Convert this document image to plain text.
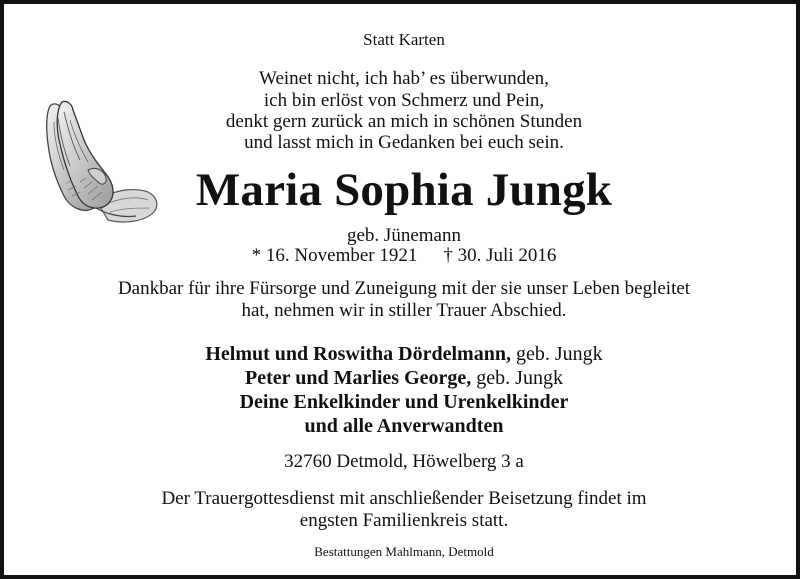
Statt Karten
Weinet nicht, ich hab’ es überwunden,
ich bin erlöst von Schmerz und Pein,
denkt gern zurück an mich in schönen Stunden
und lasst mich in Gedanken bei euch sein.
Maria Sophia Jungk
geb. Jünemann
* 16. November 1921 † 30. Juli 2016
Dankbar für ihre Fürsorge und Zuneigung mit der sie unser Leben begleitet
hat, nehmen wir in stiller Trauer Abschied.
Helmut und Roswitha Dördelmann, geb. Jungk
Peter und Marlies George, geb. Jungk
Deine Enkelkinder und Urenkelkinder
und alle Anverwandten
32760 Detmold, Höwelberg 3 a
Der Trauergottesdienst mit anschließender Beisetzung findet im
engsten Familienkreis statt.
Bestattungen Mahlmann, Detmold
